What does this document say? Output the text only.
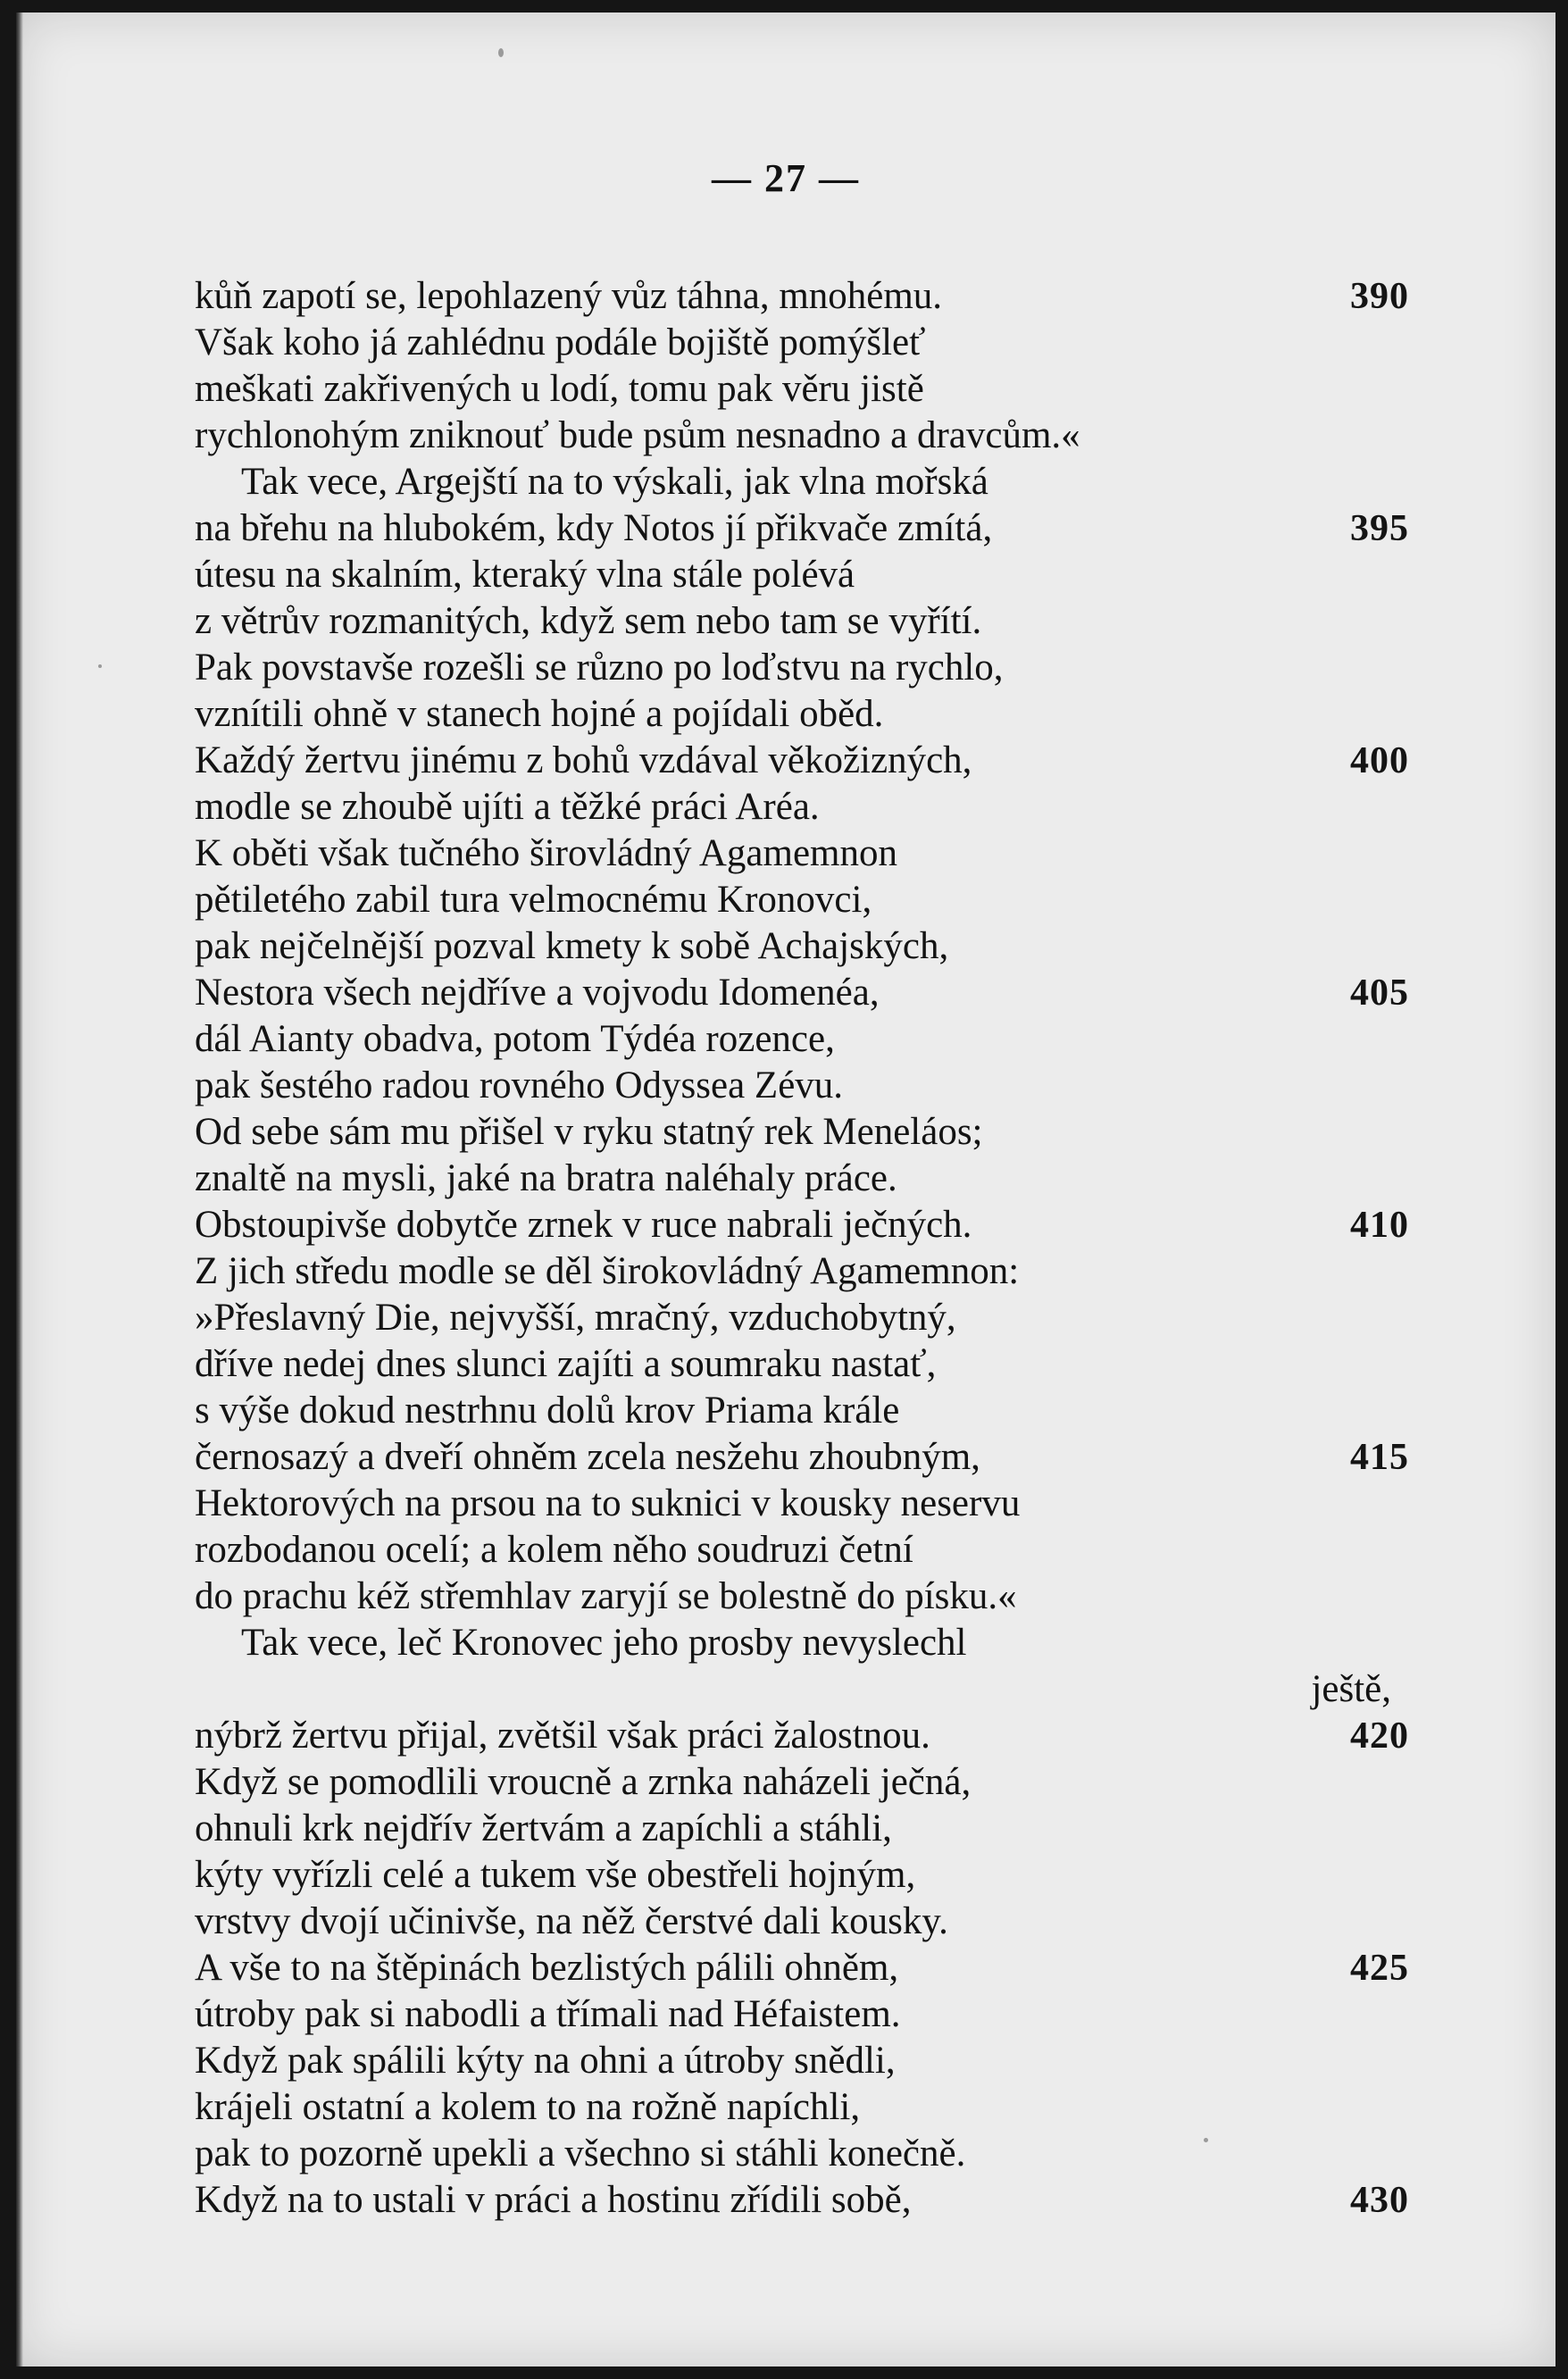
— 27 —
kůň zapotí se, lepohlazený vůz táhna, mnohému.	390
Však koho já zahlédnu podále bojiště pomýšleť
meškati zakřivených u lodí, tomu pak věru jistě
rychlonohým zniknouť bude psům nesnadno a dravcům.«
Tak vece, Argejští na to výskali, jak vlna mořská
na břehu na hlubokém, kdy Notos jí přikvače zmítá,	395
útesu na skalním, kteraký vlna stále polévá
z větrův rozmanitých, když sem nebo tam se vyřítí.
Pak povstavše rozešli se různo po loďstvu na rychlo,
vznítili ohně v stanech hojné a pojídali oběd.
Každý žertvu jinému z bohů vzdával věkožizných,	400
modle se zhoubě ujíti a těžké práci Aréa.
K oběti však tučného širovládný Agamemnon
pětiletého zabil tura velmocnému Kronovci,
pak nejčelnější pozval kmety k sobě Achajských,
Nestora všech nejdříve a vojvodu Idomenéa,	405
dál Aianty obadva, potom Týdéa rozence,
pak šestého radou rovného Odyssea Zévu.
Od sebe sám mu přišel v ryku statný rek Meneláos;
znaltě na mysli, jaké na bratra naléhaly práce.
Obstoupivše dobytče zrnek v ruce nabrali ječných.	410
Z jich středu modle se děl širokovládný Agamemnon:
»Přeslavný Die, nejvyšší, mračný, vzduchobytný,
dříve nedej dnes slunci zajíti a soumraku nastať,
s výše dokud nestrhnu dolů krov Priama krále
černosazý a dveří ohněm zcela nesžehu zhoubným,	415
Hektorových na prsou na to suknici v kousky neservu
rozbodanou ocelí; a kolem něho soudruzi četní
do prachu kéž střemhlav zaryjí se bolestně do písku.«
Tak vece, leč Kronovec jeho prosby nevyslechl
ještě,
nýbrž žertvu přijal, zvětšil však práci žalostnou.	420
Když se pomodlili vroucně a zrnka naházeli ječná,
ohnuli krk nejdřív žertvám a zapíchli a stáhli,
kýty vyřízli celé a tukem vše obestřeli hojným,
vrstvy dvojí učinivše, na něž čerstvé dali kousky.
A vše to na štěpinách bezlistých pálili ohněm,	425
útroby pak si nabodli a třímali nad Héfaistem.
Když pak spálili kýty na ohni a útroby snědli,
krájeli ostatní a kolem to na rožně napíchli,
pak to pozorně upekli a všechno si stáhli konečně.
Když na to ustali v práci a hostinu zřídili sobě,	430
